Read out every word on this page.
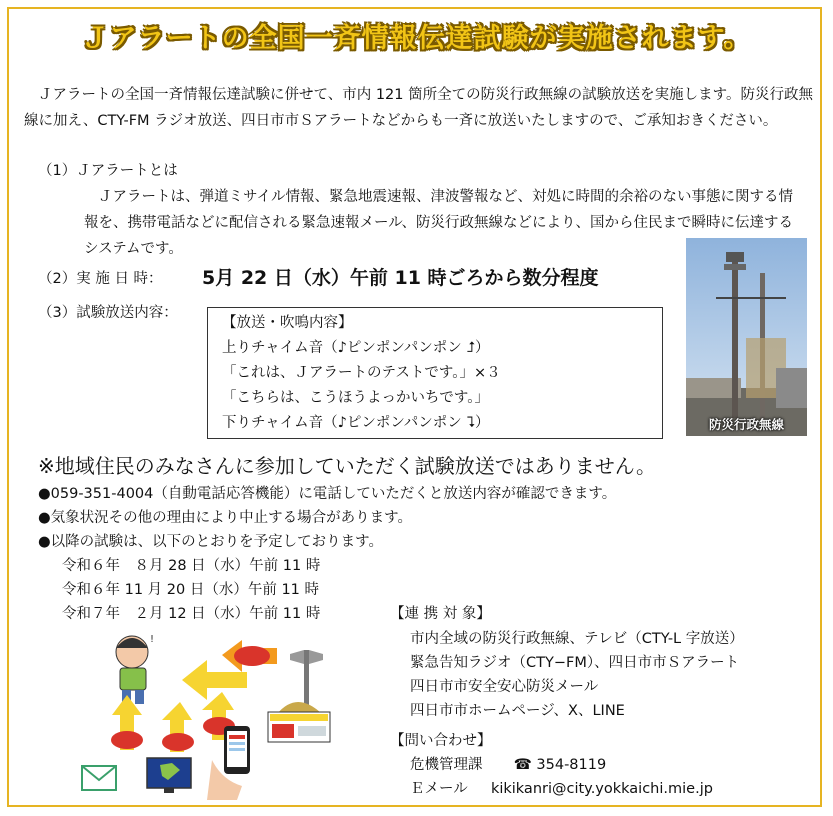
Ｊアラートの全国一斉情報伝達試験が実施されます。
Ｊアラートの全国一斉情報伝達試験に併せて、市内 121 箇所全ての防災行政無線の試験放送を実施します。防災行政無線に加え、CTY-FM ラジオ放送、四日市市Ｓアラートなどからも一斉に放送いたしますので、ご承知おきください。
（1）Ｊアラートとは
Ｊアラートは、弾道ミサイル情報、緊急地震速報、津波警報など、対処に時間的余裕のない事態に関する情報を、携帯電話などに配信される緊急速報メール、防災行政無線などにより、国から住民まで瞬時に伝達するシステムです。
（2）実 施 日 時： 5月 22 日（水）午前 11 時ごろから数分程度
（3）試験放送内容：
【放送・吹鳴内容】
上りチャイム音（♪ピンポンパンポン ⮥）
「これは、Ｊアラートのテストです。」×３
「こちらは、こうほうよっかいちです。」
下りチャイム音（♪ピンポンパンポン ⮧）	防災行政無線
※地域住民のみなさんに参加していただく試験放送ではありません。
●059-351-4004（自動電話応答機能）に電話していただくと放送内容が確認できます。
●気象状況その他の理由により中止する場合があります。
●以降の試験は、以下のとおりを予定しております。
令和６年　８月 28 日（水）午前 11 時
令和６年 11 月 20 日（水）午前 11 時
令和７年　２月 12 日（水）午前 11 時	【連 携 対 象】
市内全域の防災行政無線、テレビ（CTY-L 字放送）
緊急告知ラジオ（CTY−FM）、四日市市Ｓアラート
四日市市安全安心防災メール
四日市市ホームページ、X、LINE
【問い合わせ】
危機管理課 ☎ 354-8119
Ｅメール kikikanri@city.yokkaichi.mie.jp
!
